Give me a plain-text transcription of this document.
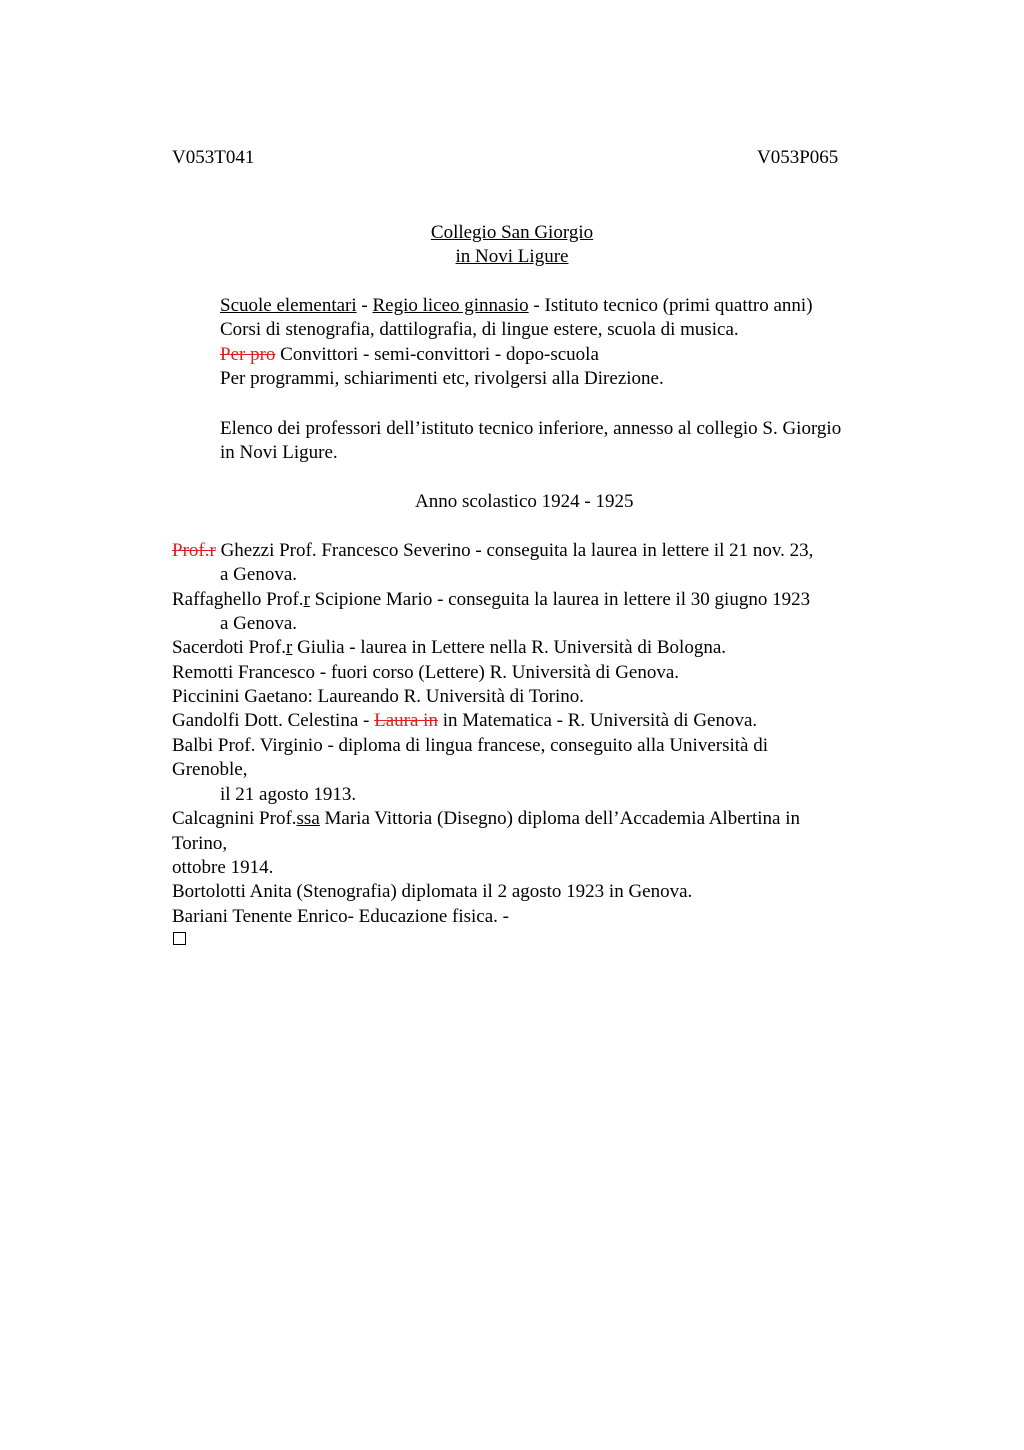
V053T041	V053P065

Collegio San Giorgio

in Novi Ligure

Scuole elementari - Regio liceo ginnasio - Istituto tecnico (primi quattro anni)

Corsi di stenografia, dattilografia, di lingue estere, scuola di musica.

Per pro Convittori - semi-convittori - dopo-scuola

Per programmi, schiarimenti etc, rivolgersi alla Direzione.

Elenco dei professori dell’istituto tecnico inferiore, annesso al collegio S. Giorgio

in Novi Ligure.

Anno scolastico 1924 - 1925

Prof.r Ghezzi Prof. Francesco Severino - conseguita la laurea in lettere il 21 nov. 23,

a Genova.

Raffaghello Prof.r Scipione Mario - conseguita la laurea in lettere il 30 giugno 1923

a Genova.

Sacerdoti Prof.r Giulia - laurea in Lettere nella R. Università di Bologna.

Remotti Francesco - fuori corso (Lettere) R. Università di Genova.

Piccinini Gaetano: Laureando R. Università di Torino.

Gandolfi Dott. Celestina - Laura in in Matematica - R. Università di Genova.

Balbi Prof. Virginio - diploma di lingua francese, conseguito alla Università di

Grenoble,

il 21 agosto 1913.

Calcagnini Prof.ssa Maria Vittoria (Disegno) diploma dell’Accademia Albertina in

Torino,

ottobre 1914.

Bortolotti Anita (Stenografia) diplomata il 2 agosto 1923 in Genova.

Bariani Tenente Enrico- Educazione fisica. -
